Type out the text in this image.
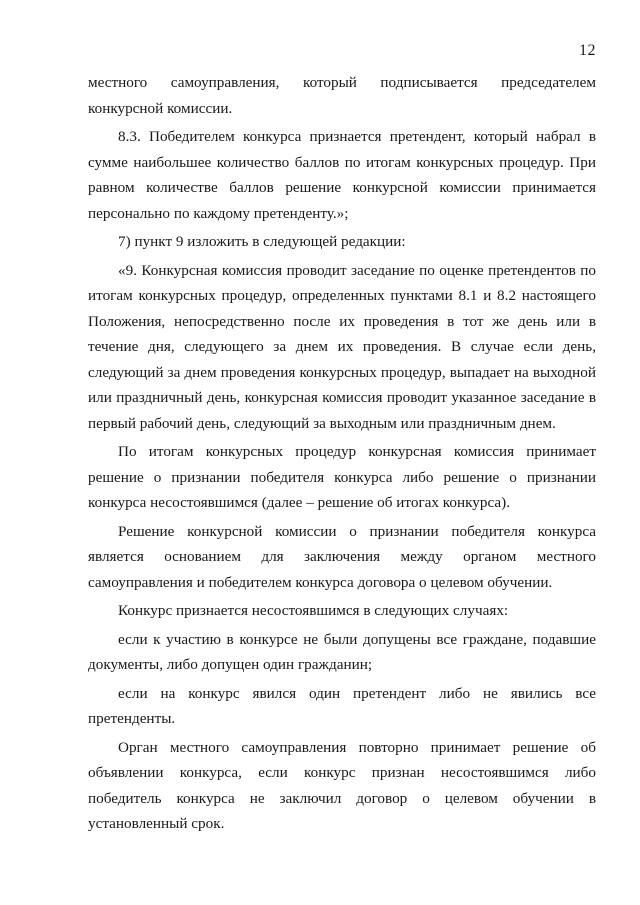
12

местного самоуправления, который подписывается председателем конкурсной комиссии.

8.3. Победителем конкурса признается претендент, который набрал в сумме наибольшее количество баллов по итогам конкурсных процедур. При равном количестве баллов решение конкурсной комиссии принимается персонально по каждому претенденту.»;

7) пункт 9 изложить в следующей редакции:

«9. Конкурсная комиссия проводит заседание по оценке претендентов по итогам конкурсных процедур, определенных пунктами 8.1 и 8.2 настоящего Положения, непосредственно после их проведения в тот же день или в течение дня, следующего за днем их проведения. В случае если день, следующий за днем проведения конкурсных процедур, выпадает на выходной или праздничный день, конкурсная комиссия проводит указанное заседание в первый рабочий день, следующий за выходным или праздничным днем.

По итогам конкурсных процедур конкурсная комиссия принимает решение о признании победителя конкурса либо решение о признании конкурса несостоявшимся (далее – решение об итогах конкурса).

Решение конкурсной комиссии о признании победителя конкурса является основанием для заключения между органом местного самоуправления и победителем конкурса договора о целевом обучении.

Конкурс признается несостоявшимся в следующих случаях:

если к участию в конкурсе не были допущены все граждане, подавшие документы, либо допущен один гражданин;

если на конкурс явился один претендент либо не явились все претенденты.

Орган местного самоуправления повторно принимает решение об объявлении конкурса, если конкурс признан несостоявшимся либо победитель конкурса не заключил договор о целевом обучении в установленный срок.
